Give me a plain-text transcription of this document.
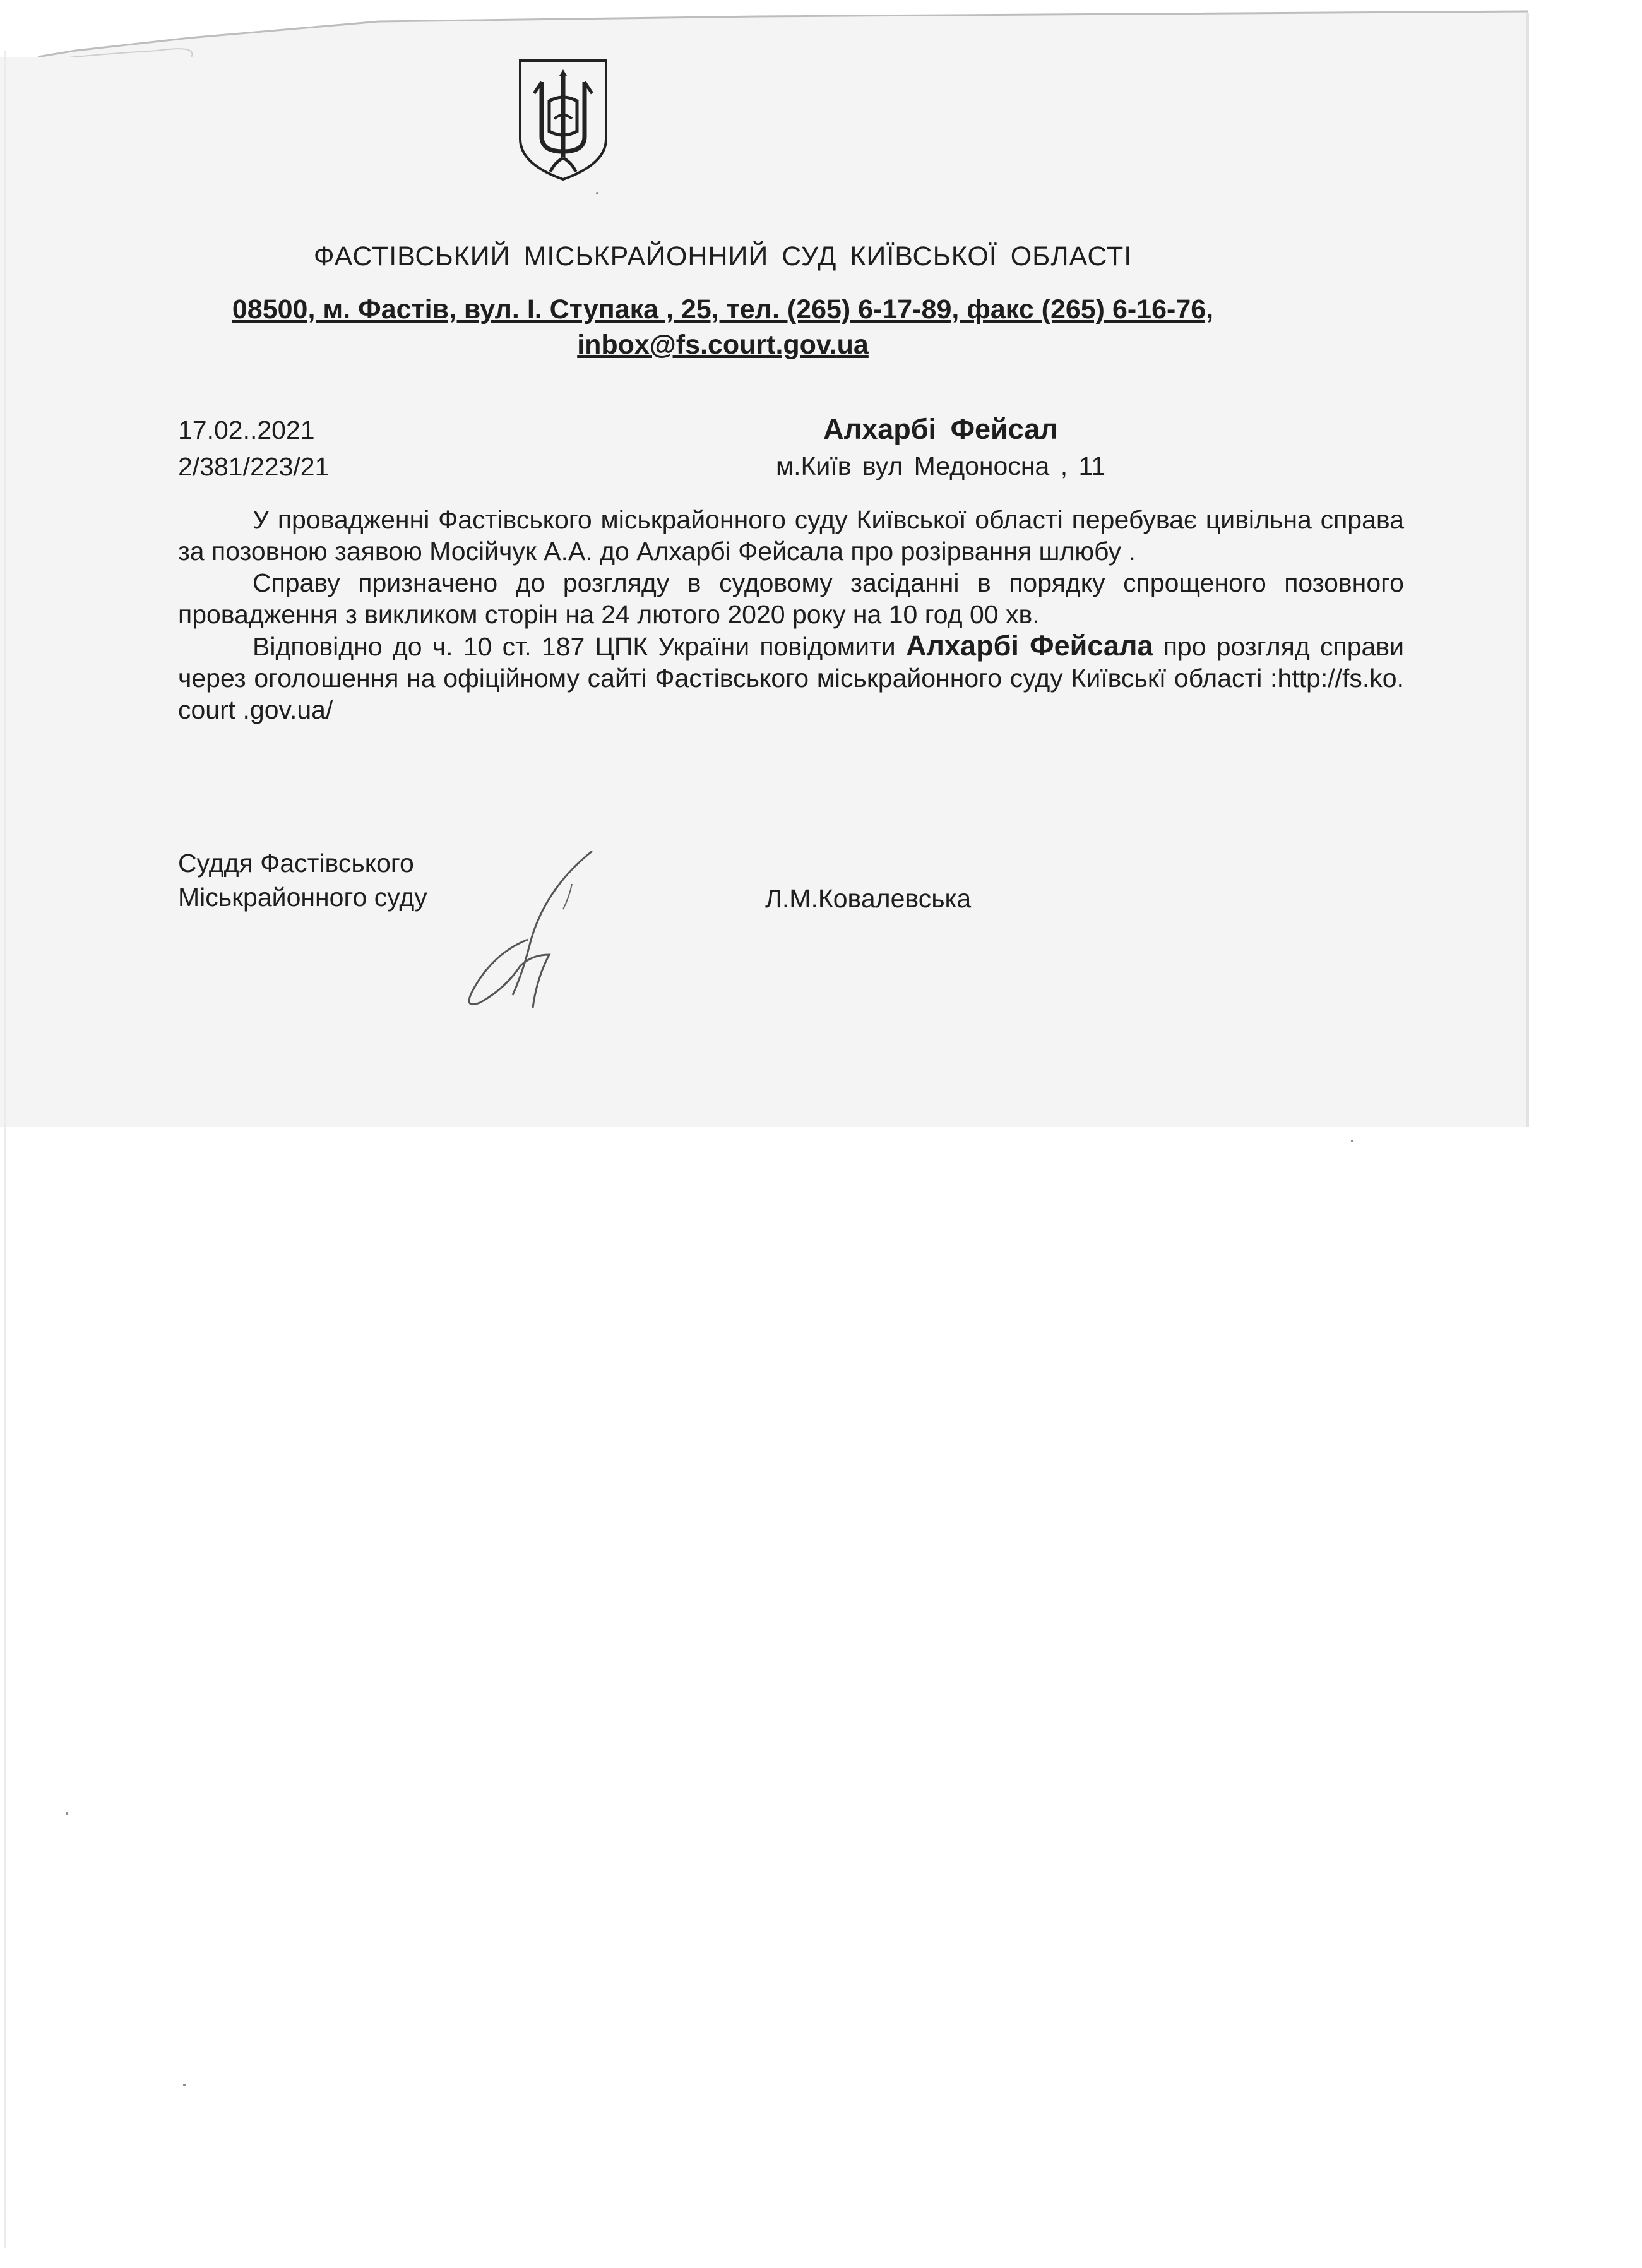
ФАСТІВСЬКИЙ МІСЬКРАЙОННИЙ СУД КИЇВСЬКОЇ ОБЛАСТІ
08500, м. Фастів, вул. І. Ступака , 25, тел. (265) 6-17-89, факс (265) 6-16-76,
inbox@fs.court.gov.ua
17.02..2021
2/381/223/21
Алхарбі Фейсал
м.Київ вул Медоносна , 11

У провадженні Фастівського міськрайонного суду Київської області перебуває цивільна справа за позовною заявою Мосійчук А.А. до Алхарбі Фейсала про розірвання шлюбу .

Справу призначено до розгляду в судовому засіданні в порядку спрощеного позовного провадження з викликом сторін на 24 лютого 2020 року на 10 год 00 хв.

Відповідно до ч. 10 ст. 187 ЦПК України повідомити Алхарбі Фейсала про розгляд справи через оголошення на офіційному сайті Фастівського міськрайонного суду Київськї області :http://fs.ko. court .gov.ua/

Суддя Фастівського
Міськрайонного суду	Л.М.Ковалевська
